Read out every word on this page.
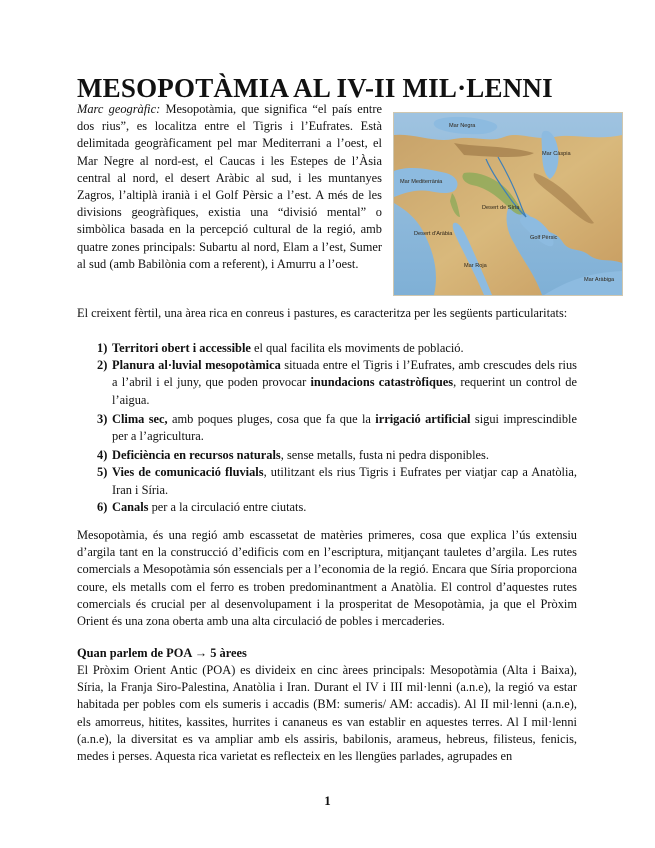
MESOPOTÀMIA AL IV-II MIL·LENNI
Mar Negra
Mar Càspia
Mar Mediterrània
Desert de Síria
Desert d'Aràbia
Golf Pèrsic
Mar Roja
Mar Aràbiga

Marc geogràfic: Mesopotàmia, que significa “el país entre dos rius”, es localitza entre el Tigris i l’Eufrates. Està delimitada geogràficament pel mar Mediterrani a l’oest, el Mar Negre al nord-est, el Caucas i les Estepes de l’Àsia central al nord, el desert Aràbic al sud, i les muntanyes Zagros, l’altiplà iranià i el Golf Pèrsic a l’est. A més de les divisions geogràfiques, existia una “divisió mental” o simbòlica basada en la percepció cultural de la regió, amb quatre zones principals: Subartu al nord, Elam a l’est, Sumer al sud (amb Babilònia com a referent), i Amurru a l’oest.

El creixent fèrtil, una àrea rica en conreus i pastures, es caracteritza per les següents particularitats:

1) Territori obert i accessible el qual facilita els moviments de població.
2) Planura al·luvial mesopotàmica situada entre el Tigris i l’Eufrates, amb crescudes dels rius a l’abril i el juny, que poden provocar inundacions catastròfiques, requerint un control de l’aigua.
3) Clima sec, amb poques pluges, cosa que fa que la irrigació artificial sigui imprescindible per a l’agricultura.
4) Deficiència en recursos naturals, sense metalls, fusta ni pedra disponibles.
5) Vies de comunicació fluvials, utilitzant els rius Tigris i Eufrates per viatjar cap a Anatòlia, Iran i Síria.
6) Canals per a la circulació entre ciutats.

Mesopotàmia, és una regió amb escassetat de matèries primeres, cosa que explica l’ús extensiu d’argila tant en la construcció d’edificis com en l’escriptura, mitjançant tauletes d’argila. Les rutes comercials a Mesopotàmia són essencials per a l’economia de la regió. Encara que Síria proporciona coure, els metalls com el ferro es troben predominantment a Anatòlia. El control d’aquestes rutes comercials és crucial per al desenvolupament i la prosperitat de Mesopotàmia, ja que el Pròxim Orient és una zona oberta amb una alta circulació de pobles i mercaderies.

Quan parlem de POA → 5 àrees

El Pròxim Orient Antic (POA) es divideix en cinc àrees principals: Mesopotàmia (Alta i Baixa), Síria, la Franja Siro-Palestina, Anatòlia i Iran. Durant el IV i III mil·lenni (a.n.e), la regió va estar habitada per pobles com els sumeris i accadis (BM: sumeris/ AM: accadis). Al II mil·lenni (a.n.e), els amorreus, hitites, kassites, hurrites i cananeus es van establir en aquestes terres. Al I mil·lenni (a.n.e), la diversitat es va ampliar amb els assiris, babilonis, arameus, hebreus, filisteus, fenicis, medes i perses. Aquesta rica varietat es reflecteix en les llengües parlades, agrupades en

1
